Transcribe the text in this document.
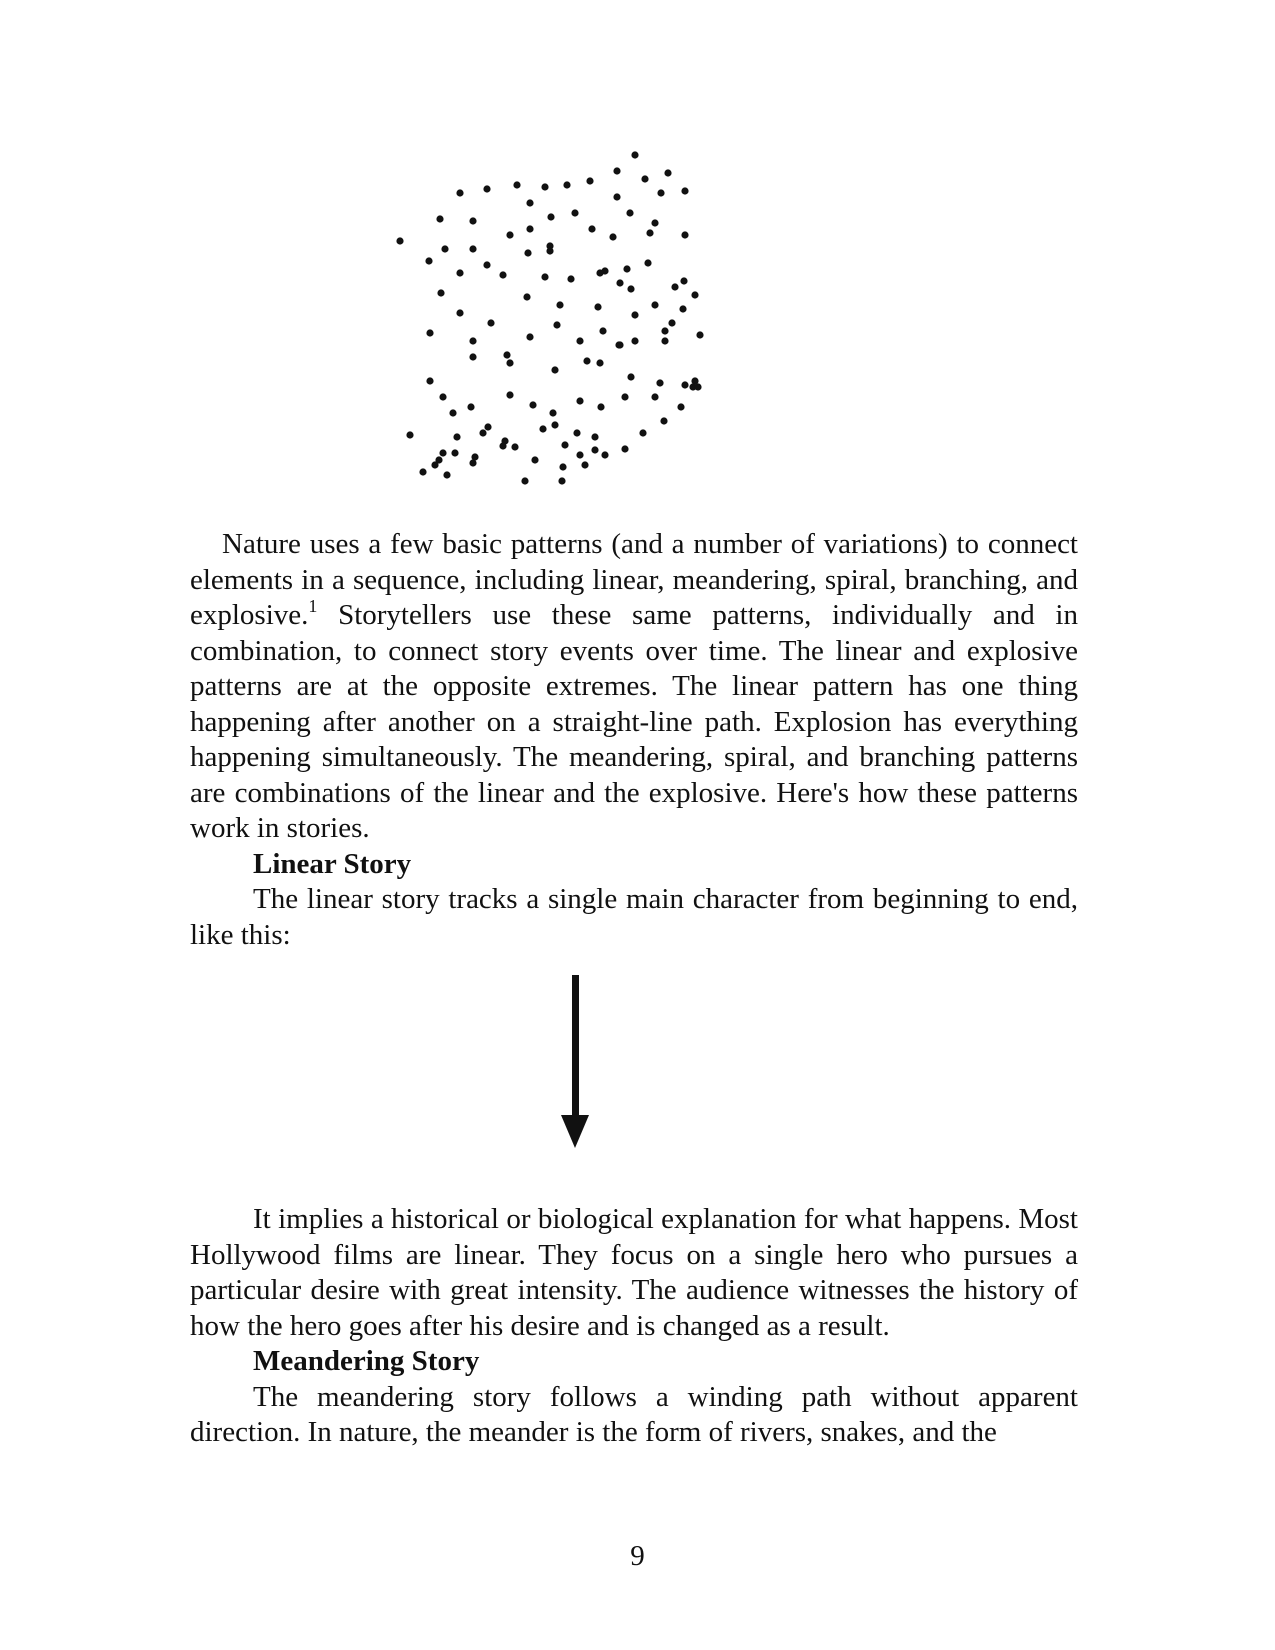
Nature uses a few basic patterns (and a number of variations) to connect elements in a sequence, including linear, meandering, spiral, branching, and explosive.$^1$ Storytellers use these same patterns, individually and in combination, to connect story events over time. The linear and explosive patterns are at the opposite extremes. The linear pattern has one thing happening after another on a straight-line path. Explosion has everything happening simultaneously. The meandering, spiral, and branching patterns are combinations of the linear and the explosive. Here's how these patterns work in stories.

Linear Story

The linear story tracks a single main character from beginning to end, like this:

It implies a historical or biological explanation for what happens. Most Hollywood films are linear. They focus on a single hero who pursues a particular desire with great intensity. The audience witnesses the history of how the hero goes after his desire and is changed as a result.

Meandering Story

The meandering story follows a winding path without apparent direction. In nature, the meander is the form of rivers, snakes, and the

9
